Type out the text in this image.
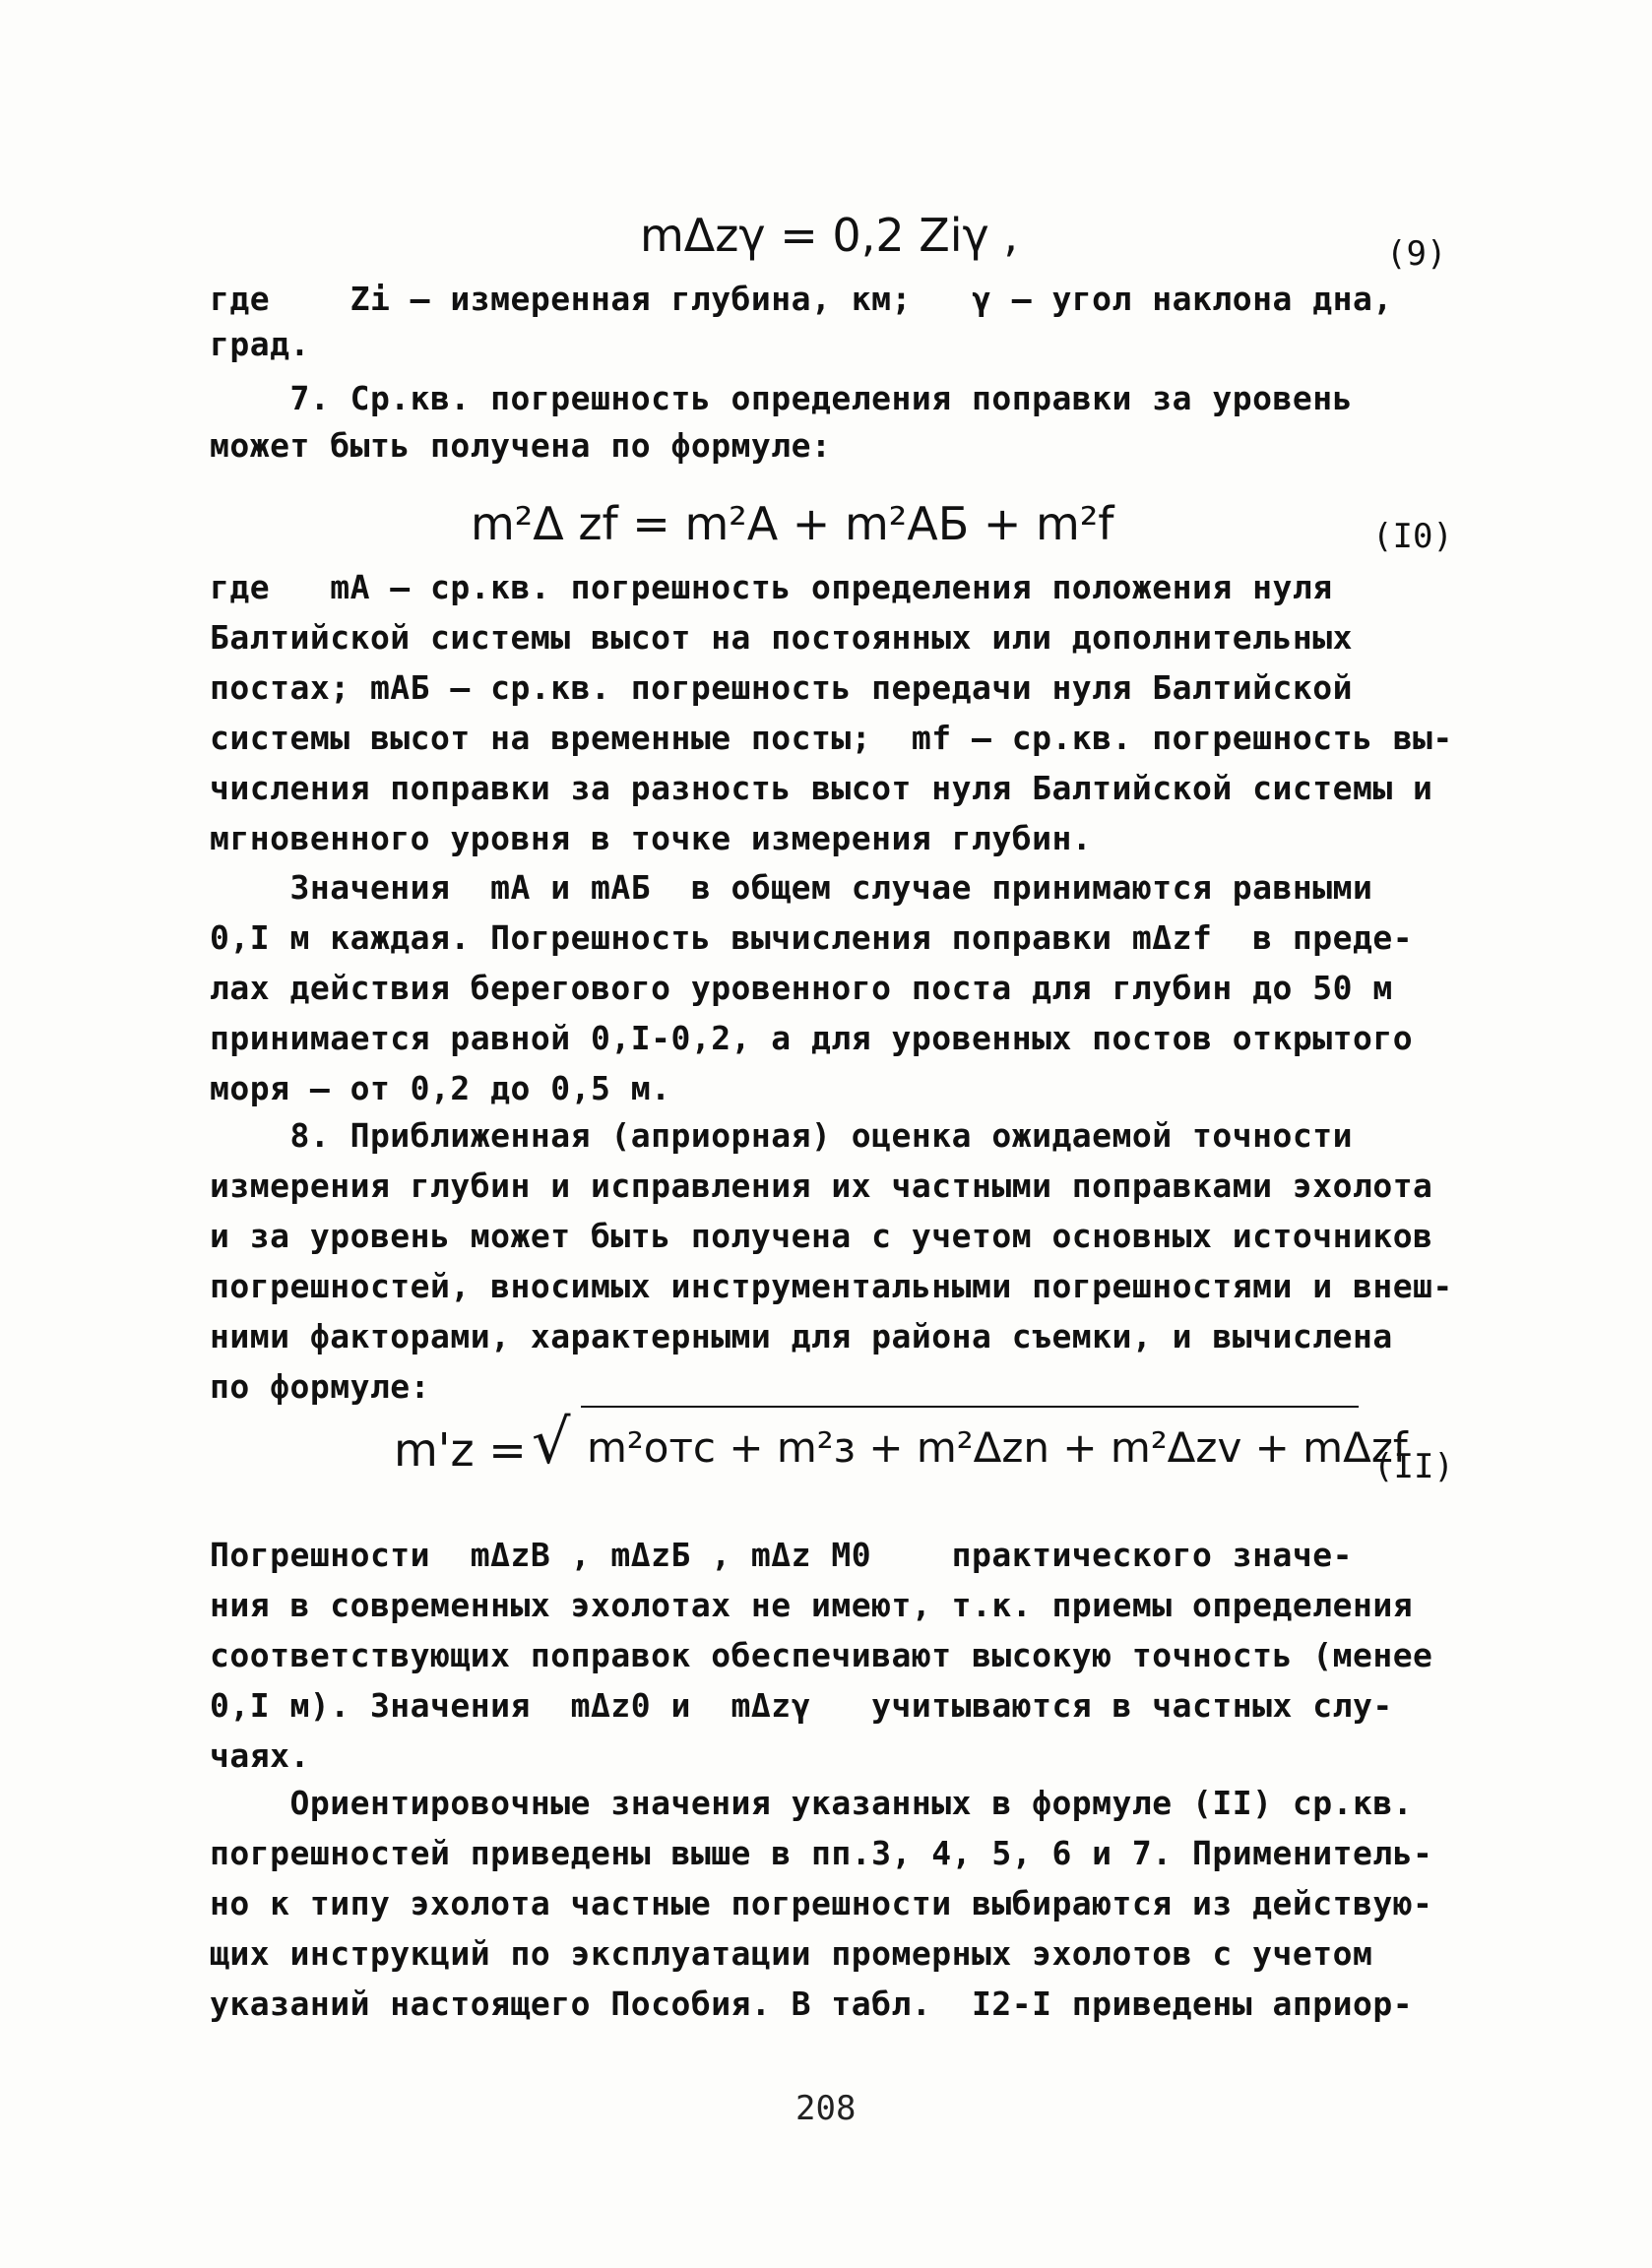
mΔzγ = 0,2 Ziγ ,	(9)
где    Zi – измеренная глубина, км;   γ – угол наклона дна,
град.
7. Ср.кв. погрешность определения поправки за уровень
может быть получена по формуле:
m²Δ zf = m²A + m²AБ + m²f	(I0)
где   mA – ср.кв. погрешность определения положения нуля
Балтийской системы высот на постоянных или дополнительных
постах; mAБ – ср.кв. погрешность передачи нуля Балтийской
системы высот на временные посты;  mf – ср.кв. погрешность вы-
числения поправки за разность высот нуля Балтийской системы и
мгновенного уровня в точке измерения глубин.
Значения  mA и mAБ  в общем случае принимаются равными
0,I м каждая. Погрешность вычисления поправки mΔzf  в преде-
лах действия берегового уровенного поста для глубин до 50 м
принимается равной 0,I-0,2, а для уровенных постов открытого
моря – от 0,2 до 0,5 м.
8. Приближенная (априорная) оценка ожидаемой точности
измерения глубин и исправления их частными поправками эхолота
и за уровень может быть получена с учетом основных источников
погрешностей, вносимых инструментальными погрешностями и внеш-
ними факторами, характерными для района съемки, и вычислена
по формуле:
m'z =
√ m²отс + m²з + m²Δzn + m²Δzv + mΔzf
(II)
Погрешности  mΔzВ , mΔzБ , mΔz М0    практического значе-
ния в современных эхолотах не имеют, т.к. приемы определения
соответствующих поправок обеспечивают высокую точность (менее
0,I м). Значения  mΔz0 и  mΔzγ   учитываются в частных слу-
чаях.
Ориентировочные значения указанных в формуле (II) ср.кв.
погрешностей приведены выше в пп.3, 4, 5, 6 и 7. Применитель-
но к типу эхолота частные погрешности выбираются из действую-
щих инструкций по эксплуатации промерных эхолотов с учетом
указаний настоящего Пособия. В табл.  I2-I приведены априор-
208
